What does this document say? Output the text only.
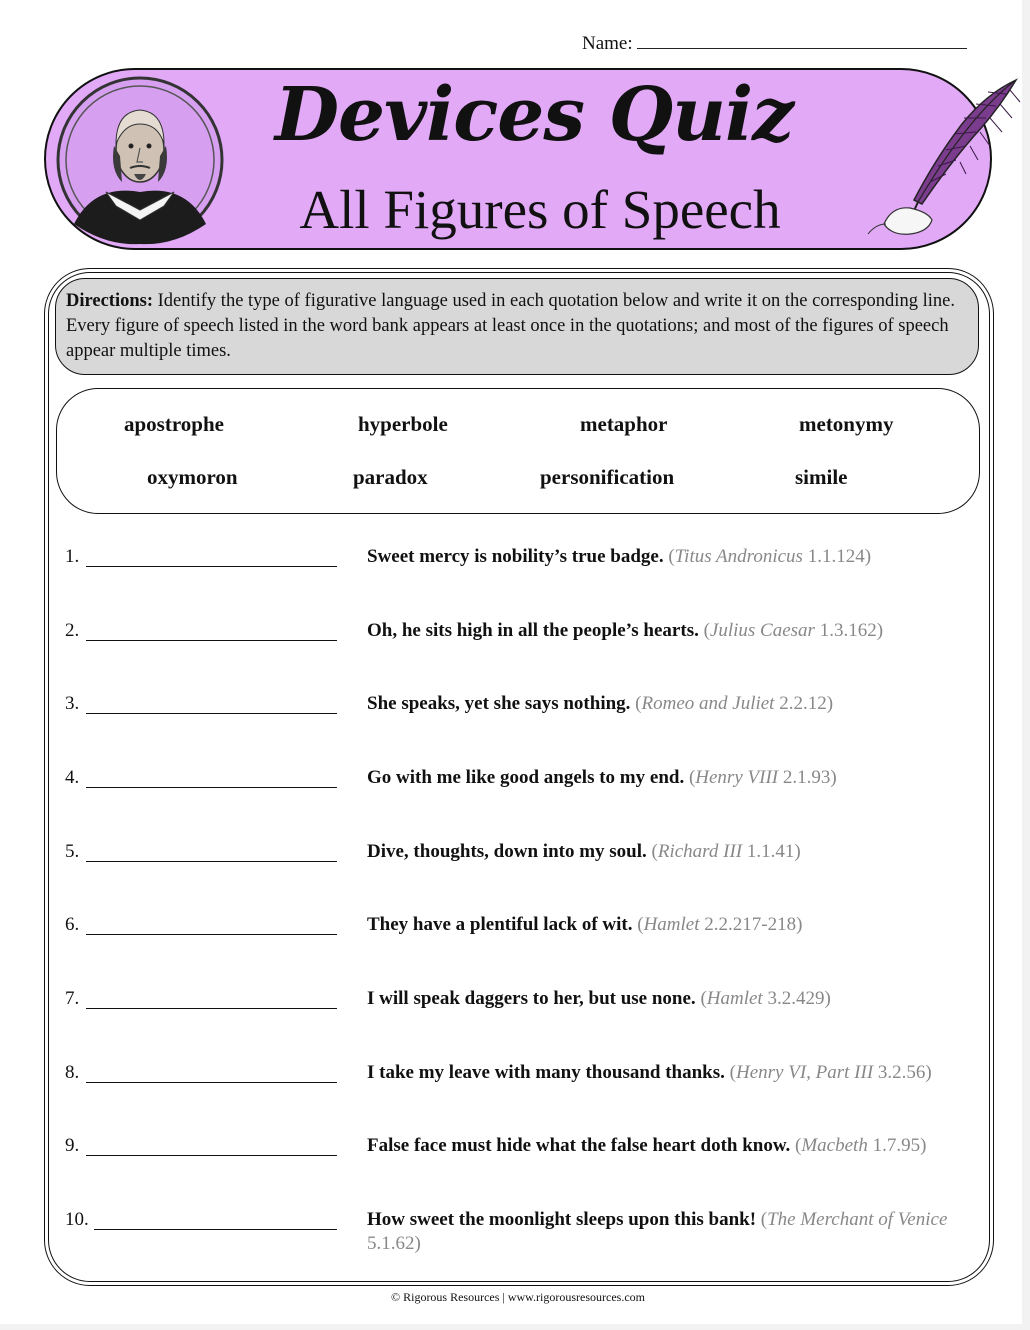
Name:
Devices Quiz
All Figures of Speech
Directions: Identify the type of figurative language used in each quotation below and write it on the corresponding line. Every figure of speech listed in the word bank appears at least once in the quotations; and most of the figures of speech appear multiple times.
apostrophe	hyperbole	metaphor	metonymy
oxymoron	paradox	personification	simile
1.	Sweet mercy is nobility’s true badge. (Titus Andronicus 1.1.124)
2.	Oh, he sits high in all the people’s hearts. (Julius Caesar 1.3.162)
3.	She speaks, yet she says nothing. (Romeo and Juliet 2.2.12)
4.	Go with me like good angels to my end. (Henry VIII 2.1.93)
5.	Dive, thoughts, down into my soul. (Richard III 1.1.41)
6.	They have a plentiful lack of wit. (Hamlet 2.2.217-218)
7.	I will speak daggers to her, but use none. (Hamlet 3.2.429)
8.	I take my leave with many thousand thanks. (Henry VI, Part III 3.2.56)
9.	False face must hide what the false heart doth know. (Macbeth 1.7.95)
10.	How sweet the moonlight sleeps upon this bank! (The Merchant of Venice 5.1.62)
© Rigorous Resources | www.rigorousresources.com
